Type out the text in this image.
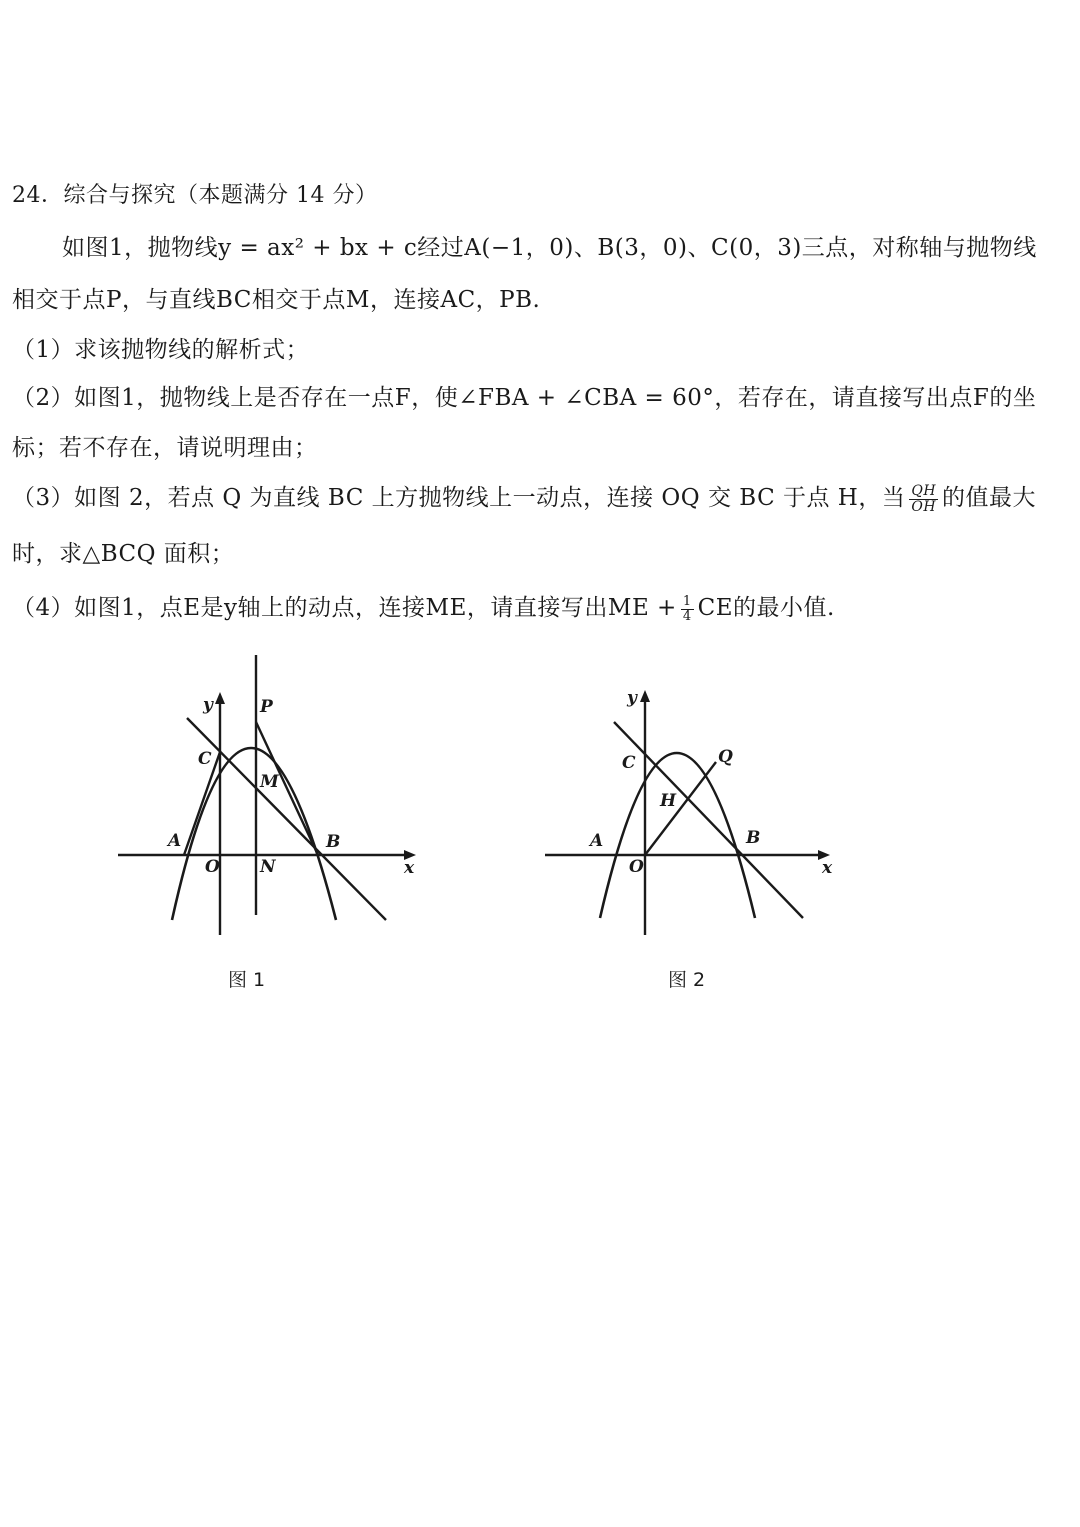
24．综合与探究（本题满分 14 分）
如图1，抛物线y = ax² + bx + c经过A(−1，0)、B(3，0)、C(0，3)三点，对称轴与抛物线
相交于点P，与直线BC相交于点M，连接AC，PB.
（1）求该抛物线的解析式；
（2）如图1，抛物线上是否存在一点F，使∠FBA + ∠CBA = 60°，若存在，请直接写出点F的坐
标；若不存在，请说明理由；
（3）如图 2，若点 Q 为直线 BC 上方抛物线上一动点，连接 OQ 交 BC 于点 H，当 $\frac{QH}{OH}$ 的值最大
时，求△BCQ 面积；
（4）如图1，点E是y轴上的动点，连接ME，请直接写出ME + $\frac{1}{4}$ CE的最小值.
y	P
C
M
A
O N
B
x
y
C	Q
H
A
O
B
x
图 1	图 2
